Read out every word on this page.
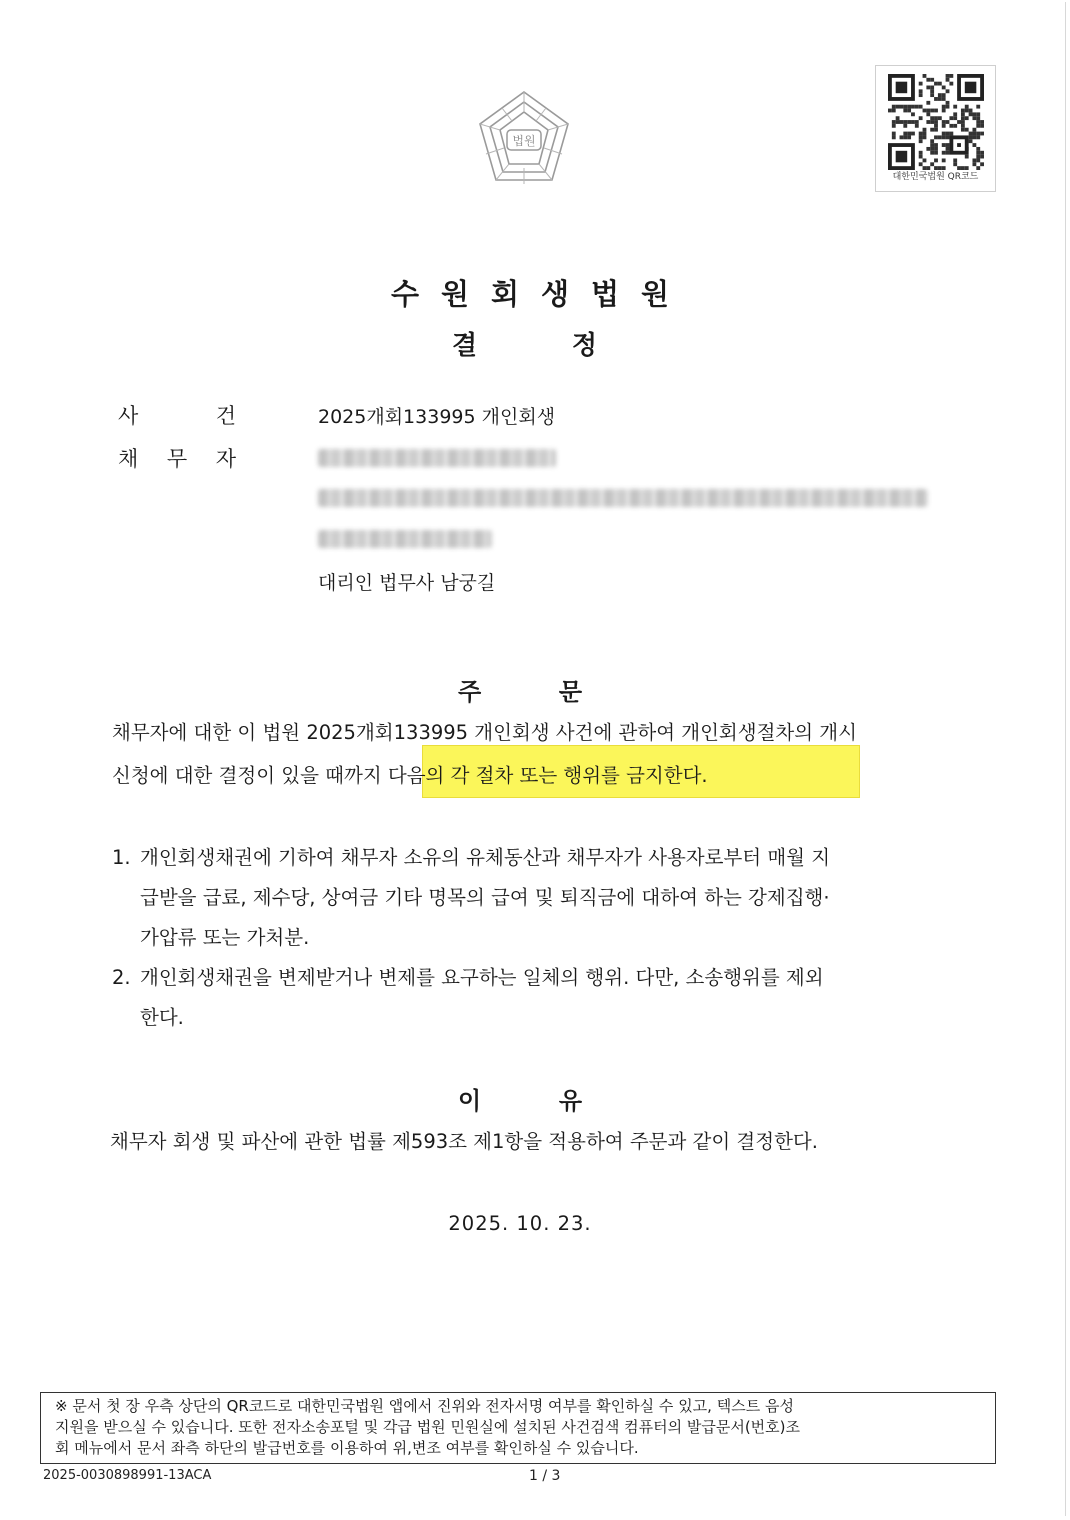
법원
대한민국법원 QR코드
수원회생법원
결	정
사	건	2025개회133995 개인회생
채 무 자
대리인 법무사 남궁길
주	문
채무자에 대한 이 법원 2025개회133995 개인회생 사건에 관하여 개인회생절차의 개시
신청에 대한 결정이 있을 때까지 다음의 각 절차 또는 행위를 금지한다.
1. 개인회생채권에 기하여 채무자 소유의 유체동산과 채무자가 사용자로부터 매월 지
급받을 급료, 제수당, 상여금 기타 명목의 급여 및 퇴직금에 대하여 하는 강제집행·
가압류 또는 가처분.
2. 개인회생채권을 변제받거나 변제를 요구하는 일체의 행위. 다만, 소송행위를 제외
한다.
이	유
채무자 회생 및 파산에 관한 법률 제593조 제1항을 적용하여 주문과 같이 결정한다.
2025. 10. 23.
※ 문서 첫 장 우측 상단의 QR코드로 대한민국법원 앱에서 진위와 전자서명 여부를 확인하실 수 있고, 텍스트 음성
지원을 받으실 수 있습니다. 또한 전자소송포털 및 각급 법원 민원실에 설치된 사건검색 컴퓨터의 발급문서(번호)조
회 메뉴에서 문서 좌측 하단의 발급번호를 이용하여 위,변조 여부를 확인하실 수 있습니다.
2025-0030898991-13ACA	1 / 3
